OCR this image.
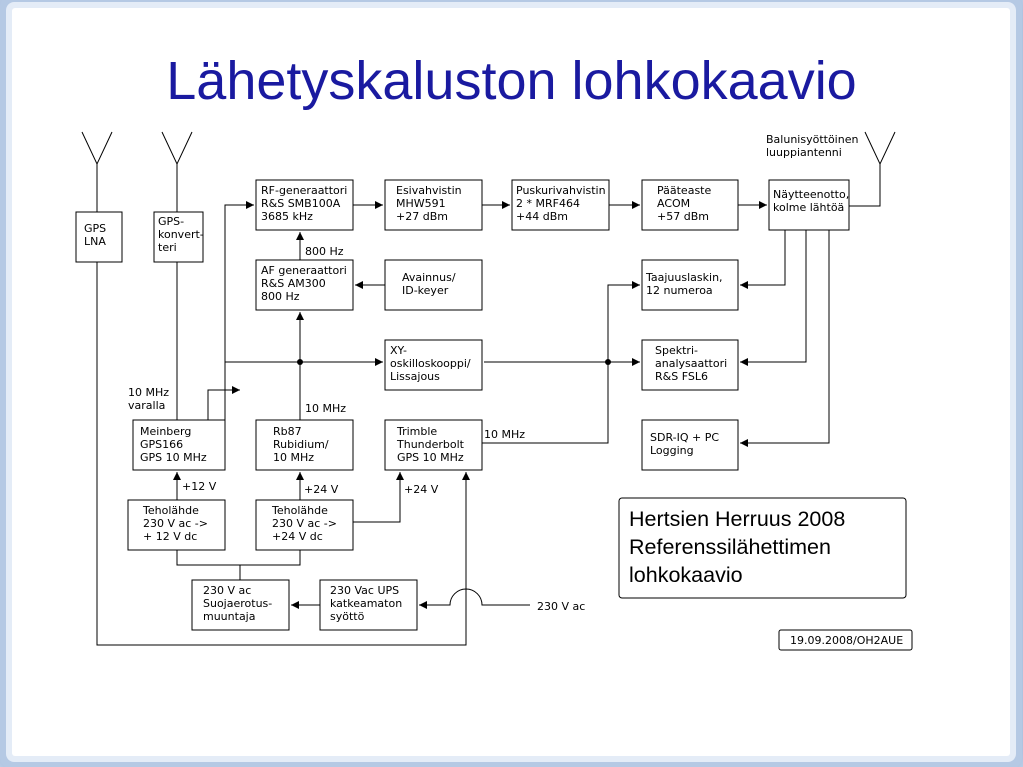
Lähetyskaluston lohkokaavio
GPS LNA
GPS-konvert-teri
RF-generaattori R&S SMB100A 3685 kHz
Esivahvistin MHW591 +27 dBm
Puskurivahvistin 2 * MRF464 +44 dBm
Pääteaste ACOM +57 dBm
Näytteenotto, kolme lähtöä
AF generaattori R&S AM300 800 Hz
Avainnus/ ID-keyer
Taajuuslaskin, 12 numeroa
XY-oskilloskooppi/ Lissajous
Spektri-analysaattori R&S FSL6
Meinberg GPS166 GPS 10 MHz
Rb87 Rubidium/ 10 MHz
Trimble Thunderbolt GPS 10 MHz
SDR-IQ + PC Logging
Teholähde 230 V ac -> + 12 V dc
Teholähde 230 V ac -> +24 V dc
230 V ac Suojaerotus-muuntaja
230 Vac UPS katkeamaton syöttö
Balunisyöttöinen luuppiantenni
800 Hz
10 MHz varalla	10 MHz
10 MHz
+12 V	+24 V	+24 V
230 V ac
Hertsien Herruus 2008
Referenssilähettimen
lohkokaavio
19.09.2008/OH2AUE
